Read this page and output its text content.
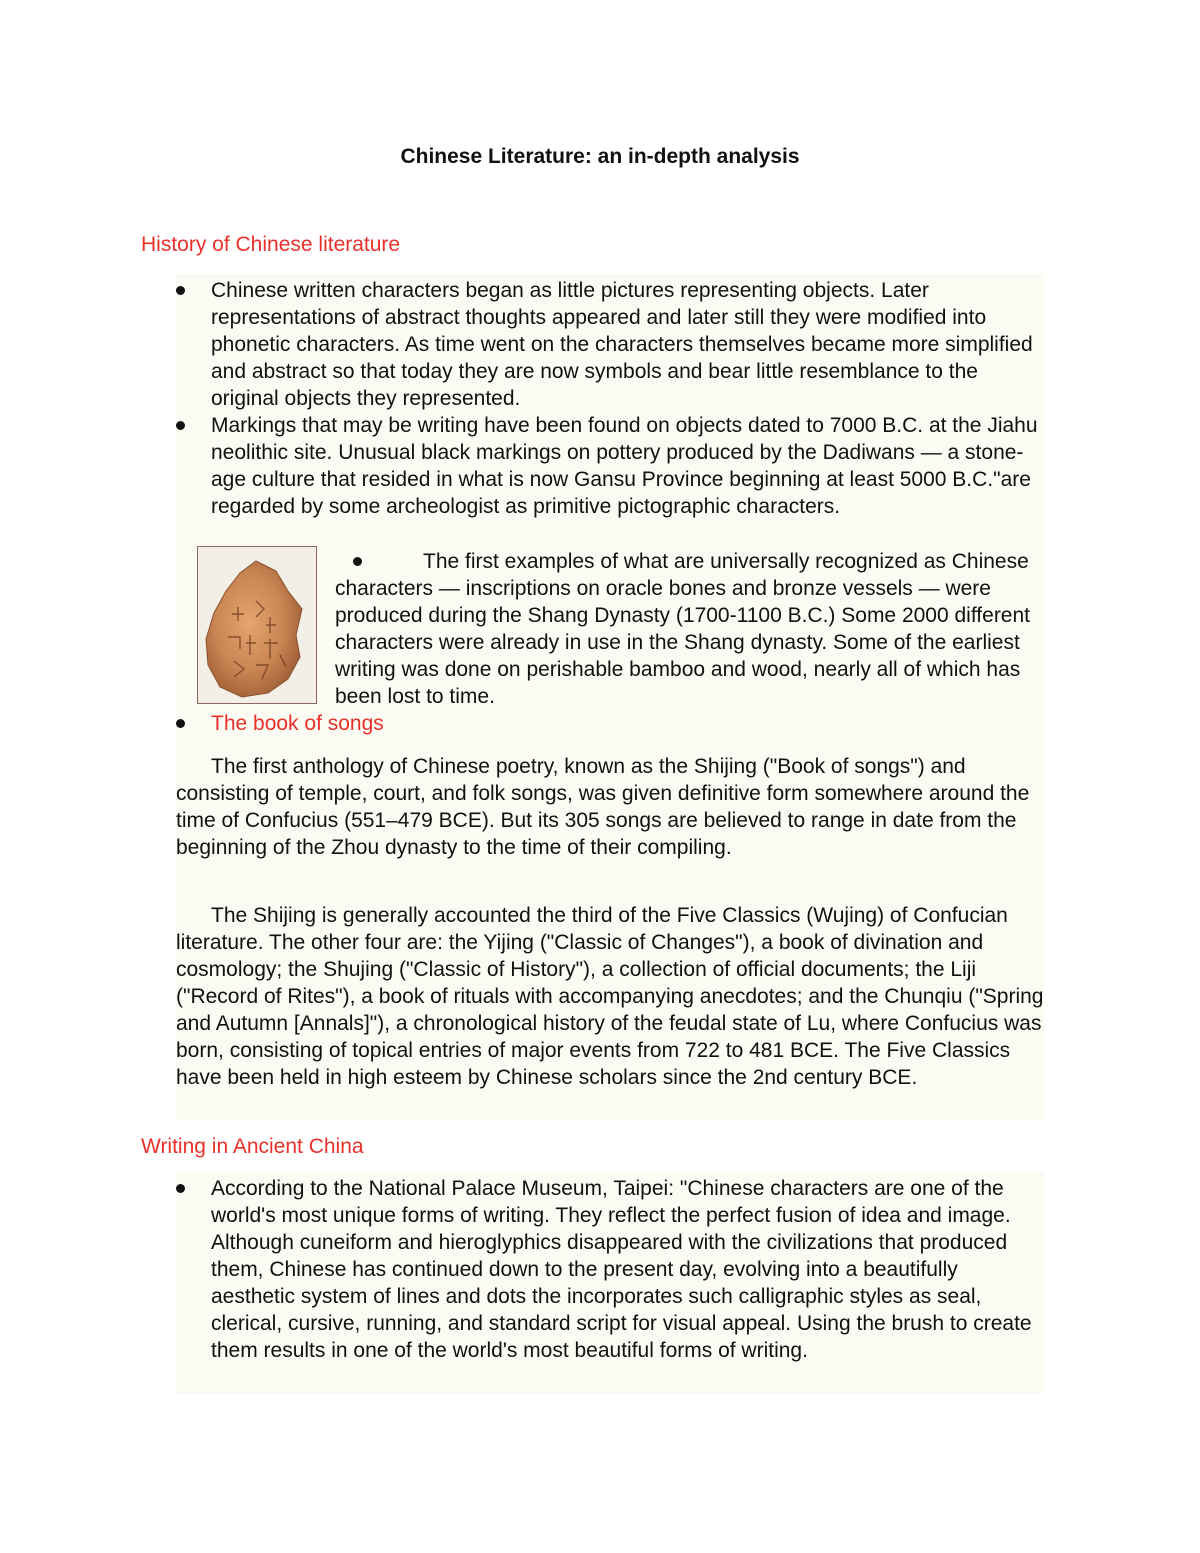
Chinese Literature: an in-depth analysis
History of Chinese literature

Chinese written characters began as little pictures representing objects. Later representations of abstract thoughts appeared and later still they were modified into phonetic characters. As time went on the characters themselves became more simplified and abstract so that today they are now symbols and bear little resemblance to the original objects they represented.

Markings that may be writing have been found on objects dated to 7000 B.C. at the Jiahu neolithic site. Unusual black markings on pottery produced by the Dadiwans — a stone-age culture that resided in what is now Gansu Province beginning at least 5000 B.C."are regarded by some archeologist as primitive pictographic characters.

The first examples of what are universally recognized as Chinese characters — inscriptions on oracle bones and bronze vessels — were produced during the Shang Dynasty (1700-1100 B.C.) Some 2000 different characters were already in use in the Shang dynasty. Some of the earliest writing was done on perishable bamboo and wood, nearly all of which has been lost to time.

The book of songs

The first anthology of Chinese poetry, known as the Shijing ("Book of songs") and consisting of temple, court, and folk songs, was given definitive form somewhere around the time of Confucius (551–479 BCE). But its 305 songs are believed to range in date from the beginning of the Zhou dynasty to the time of their compiling.

The Shijing is generally accounted the third of the Five Classics (Wujing) of Confucian literature. The other four are: the Yijing ("Classic of Changes"), a book of divination and cosmology; the Shujing ("Classic of History"), a collection of official documents; the Liji ("Record of Rites"), a book of rituals with accompanying anecdotes; and the Chunqiu ("Spring and Autumn [Annals]"), a chronological history of the feudal state of Lu, where Confucius was born, consisting of topical entries of major events from 722 to 481 BCE. The Five Classics have been held in high esteem by Chinese scholars since the 2nd century BCE.

Writing in Ancient China

According to the National Palace Museum, Taipei: "Chinese characters are one of the world's most unique forms of writing. They reflect the perfect fusion of idea and image. Although cuneiform and hieroglyphics disappeared with the civilizations that produced them, Chinese has continued down to the present day, evolving into a beautifully aesthetic system of lines and dots the incorporates such calligraphic styles as seal, clerical, cursive, running, and standard script for visual appeal. Using the brush to create them results in one of the world's most beautiful forms of writing.
